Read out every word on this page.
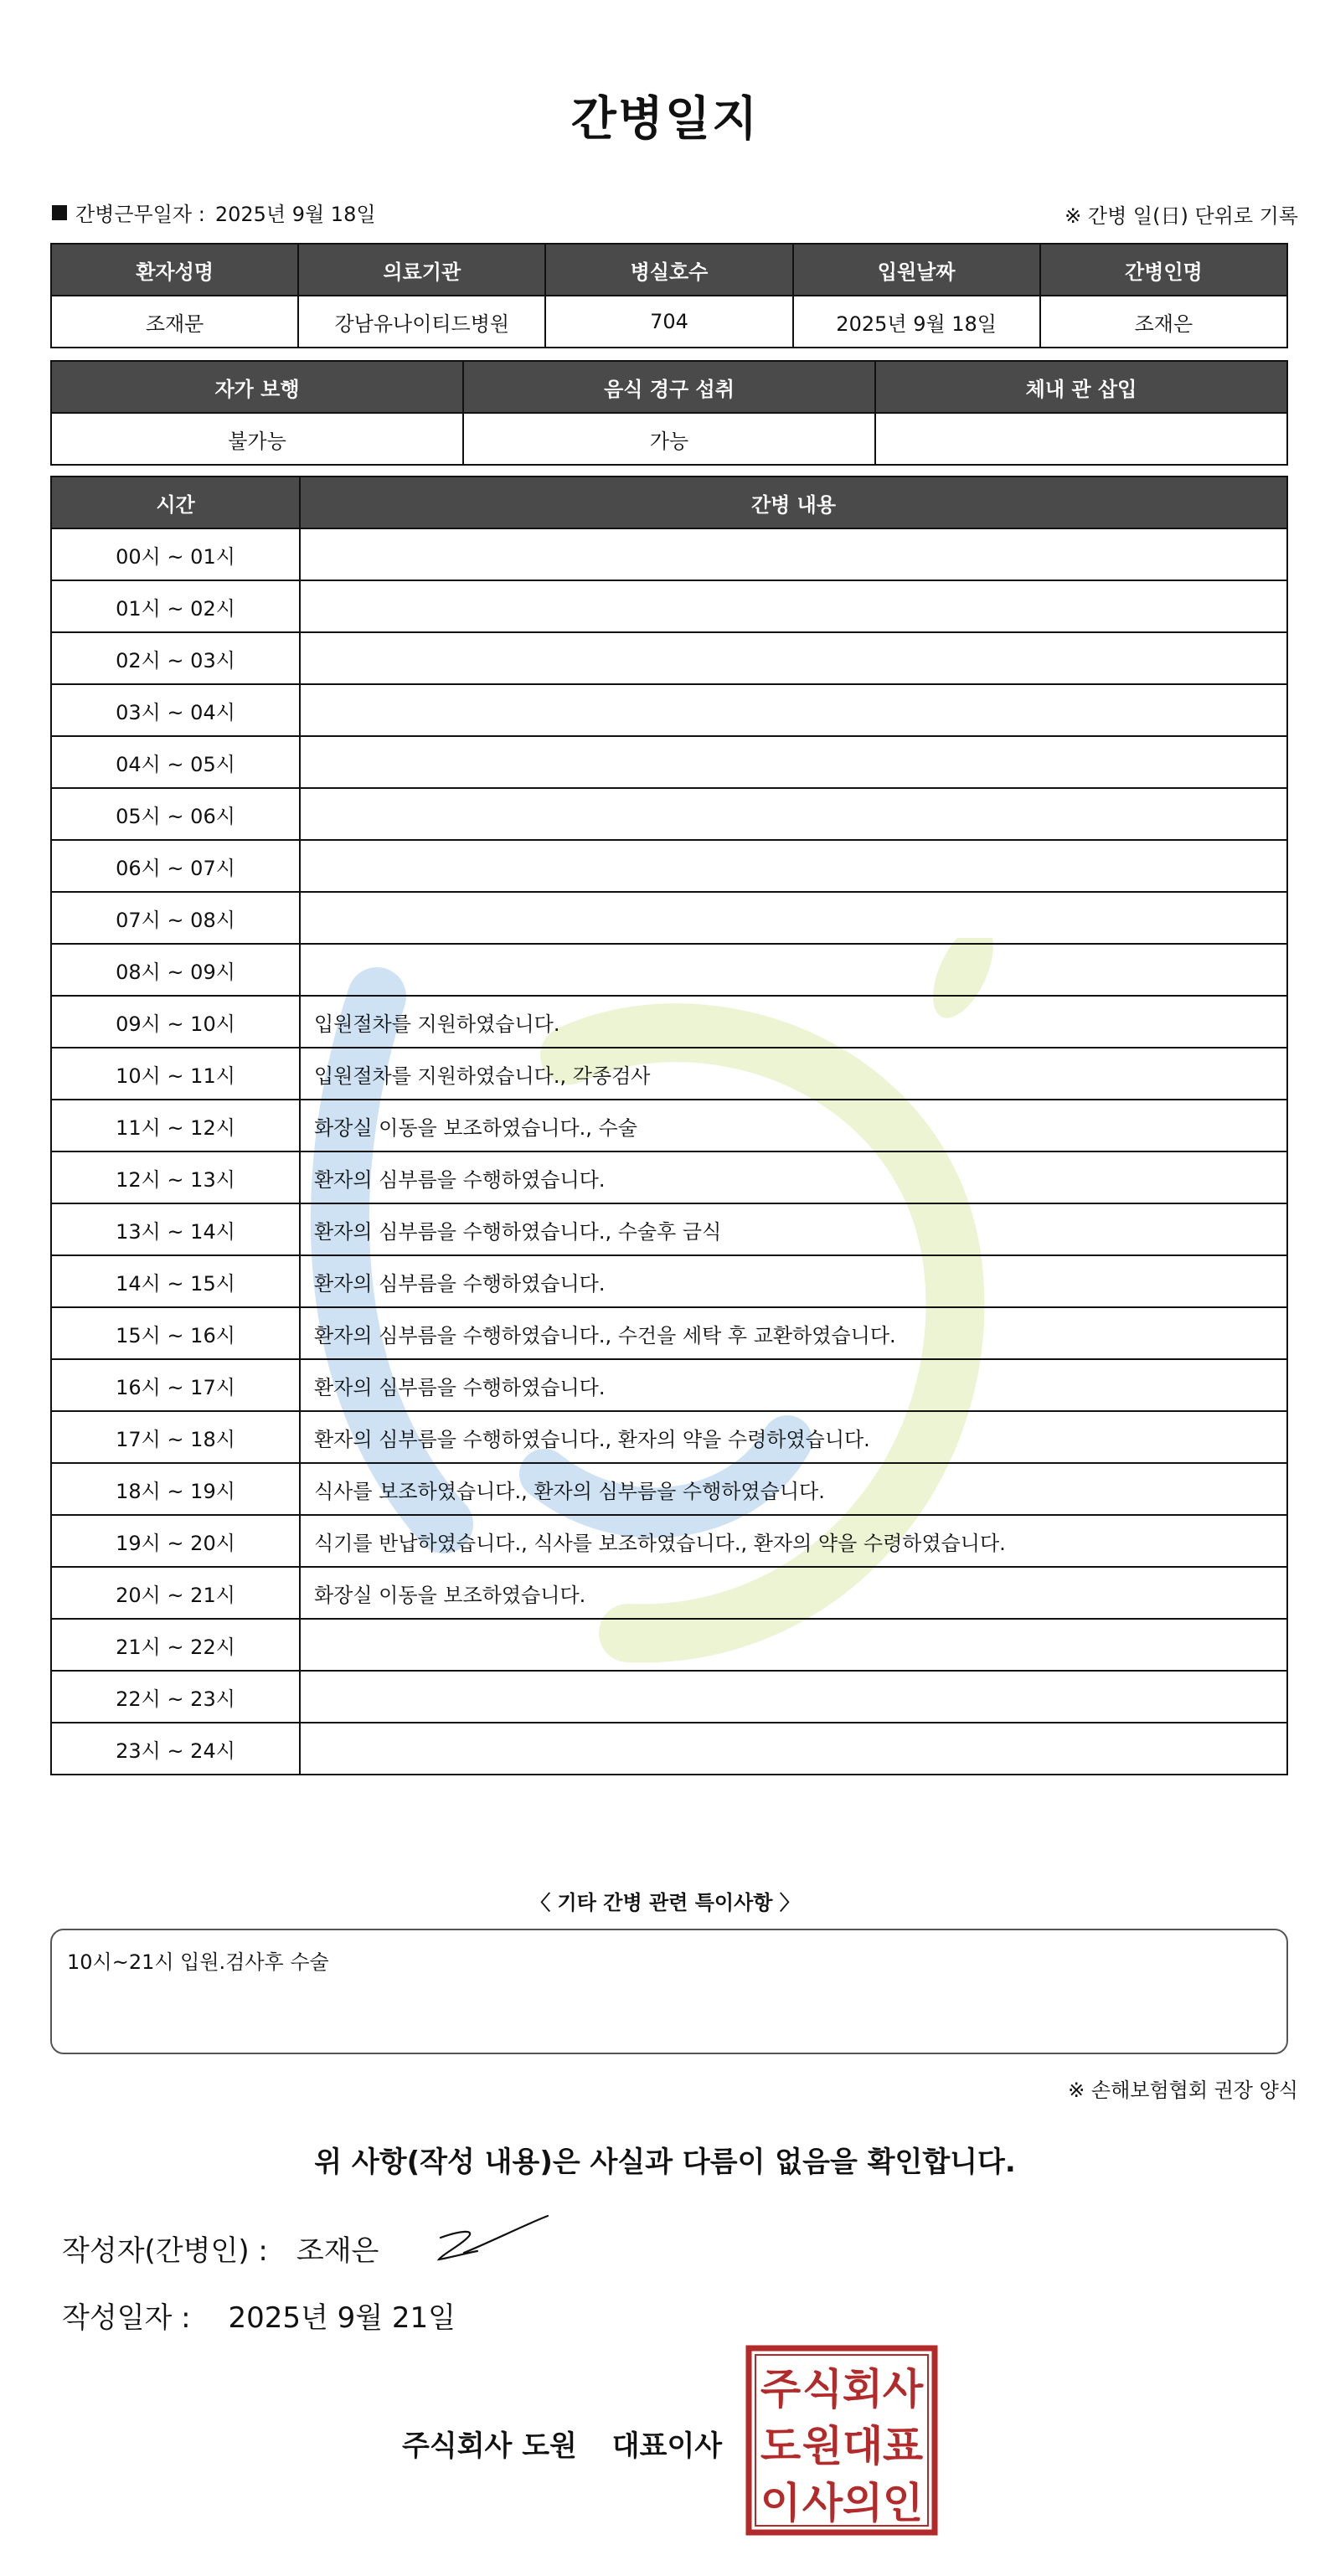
간병일지
간병근무일자 : 2025년 9월 18일	※ 간병 일(日) 단위로 기록
환자성명	의료기관	병실호수	입원날짜	간병인명
조재문	강남유나이티드병원	704	2025년 9월 18일	조재은
자가 보행	음식 경구 섭취	체내 관 삽입
불가능	가능	
시간	간병 내용
00시 ~ 01시	
01시 ~ 02시	
02시 ~ 03시	
03시 ~ 04시	
04시 ~ 05시	
05시 ~ 06시	
06시 ~ 07시	
07시 ~ 08시	
08시 ~ 09시	
09시 ~ 10시	입원절차를 지원하였습니다.
10시 ~ 11시	입원절차를 지원하였습니다., 각종검사
11시 ~ 12시	화장실 이동을 보조하였습니다., 수술
12시 ~ 13시	환자의 심부름을 수행하였습니다.
13시 ~ 14시	환자의 심부름을 수행하였습니다., 수술후 금식
14시 ~ 15시	환자의 심부름을 수행하였습니다.
15시 ~ 16시	환자의 심부름을 수행하였습니다., 수건을 세탁 후 교환하였습니다.
16시 ~ 17시	환자의 심부름을 수행하였습니다.
17시 ~ 18시	환자의 심부름을 수행하였습니다., 환자의 약을 수령하였습니다.
18시 ~ 19시	식사를 보조하였습니다., 환자의 심부름을 수행하였습니다.
19시 ~ 20시	식기를 반납하였습니다., 식사를 보조하였습니다., 환자의 약을 수령하였습니다.
20시 ~ 21시	화장실 이동을 보조하였습니다.
21시 ~ 22시	
22시 ~ 23시	
23시 ~ 24시	
〈 기타 간병 관련 특이사항 〉
10시~21시 입원.검사후 수술
※ 손해보험협회 권장 양식
위 사항(작성 내용)은 사실과 다름이 없음을 확인합니다.
작성자(간병인) : 조재은
작성일자 : 2025년 9월 21일
주식회사 도원 대표이사
주 식 회 사
도 원 대 표
이 사 의 인
